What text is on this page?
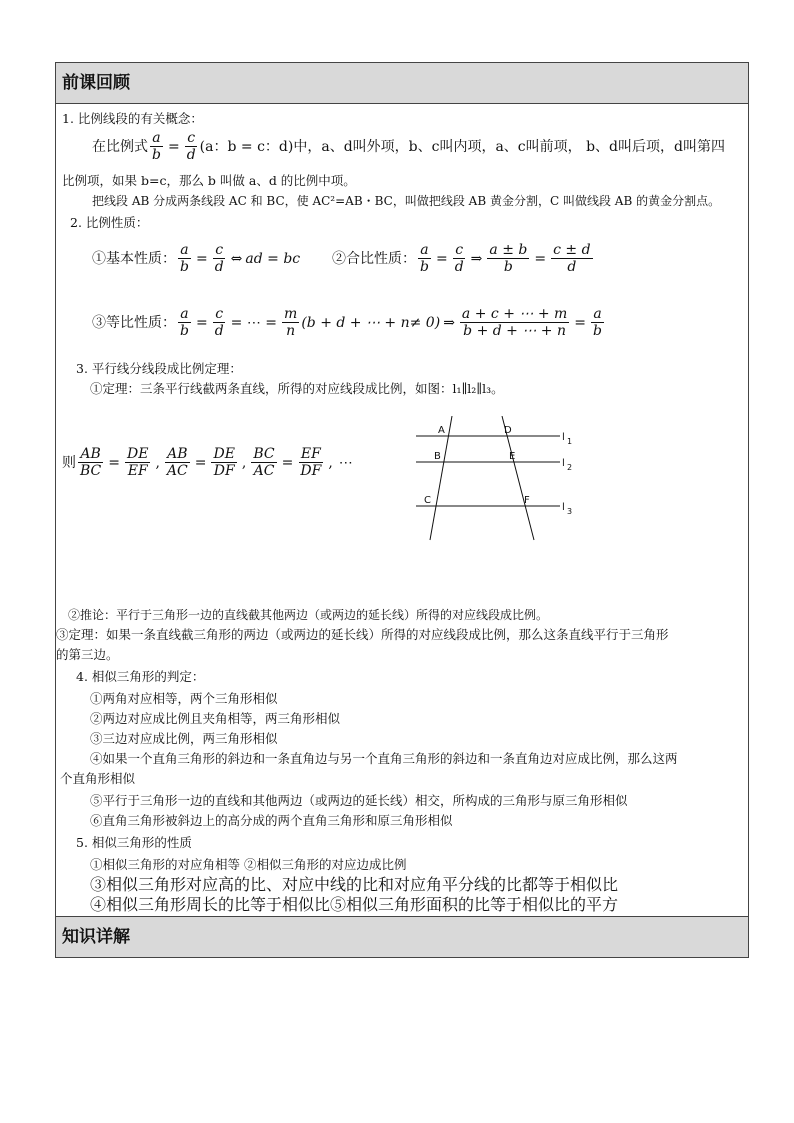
前课回顾
1. 比例线段的有关概念：
在比例式 $\frac{a}{b} = \frac{c}{d} (a$：b = c：d)中， a、d叫外项，b、c叫内项，a、c叫前项， b、d叫后项，d叫第四
比例项，如果 b=c，那么 b 叫做 a、d 的比例中项。
把线段 AB 分成两条线段 AC 和 BC，使 AC²=AB・BC，叫做把线段 AB 黄金分割，C 叫做线段 AB 的黄金分割点。
2. 比例性质：
①基本性质： $\frac{a}{b} = \frac{c}{d}$ ⇔ ad = bc ②合比性质： $\frac{a}{b} = \frac{c}{d}$ ⇒ $\frac{a \pm b}{b} = \frac{c \pm d}{d}$
③等比性质： $\frac{a}{b} = \frac{c}{d}$ = ⋯ = $\frac{m}{n} (b + d$ + ⋯ + n≠ 0) ⇒ $\frac{a + c + \cdots + m}{b + d + \cdots + n} = \frac{a}{b}$
3. 平行线分线段成比例定理：
①定理：三条平行线截两条直线，所得的对应线段成比例，如图：l₁∥l₂∥l₃。
则 $\frac{AB}{BC} = \frac{DE}{EF}$ , $\frac{AB}{AC} = \frac{DE}{DF}$ , $\frac{BC}{AC} = \frac{EF}{DF}$ , ⋯
A
B
C
D
E
F
l 1
l 2
l 3
②推论：平行于三角形一边的直线截其他两边（或两边的延长线）所得的对应线段成比例。
③定理：如果一条直线截三角形的两边（或两边的延长线）所得的对应线段成比例，那么这条直线平行于三角形
的第三边。
4. 相似三角形的判定：
①两角对应相等，两个三角形相似
②两边对应成比例且夹角相等，两三角形相似
③三边对应成比例，两三角形相似
④如果一个直角三角形的斜边和一条直角边与另一个直角三角形的斜边和一条直角边对应成比例，那么这两
个直角形相似
⑤平行于三角形一边的直线和其他两边（或两边的延长线）相交，所构成的三角形与原三角形相似
⑥直角三角形被斜边上的高分成的两个直角三角形和原三角形相似
5. 相似三角形的性质
①相似三角形的对应角相等 ②相似三角形的对应边成比例
③相似三角形对应高的比、对应中线的比和对应角平分线的比都等于相似比
④相似三角形周长的比等于相似比⑤相似三角形面积的比等于相似比的平方
知识详解
